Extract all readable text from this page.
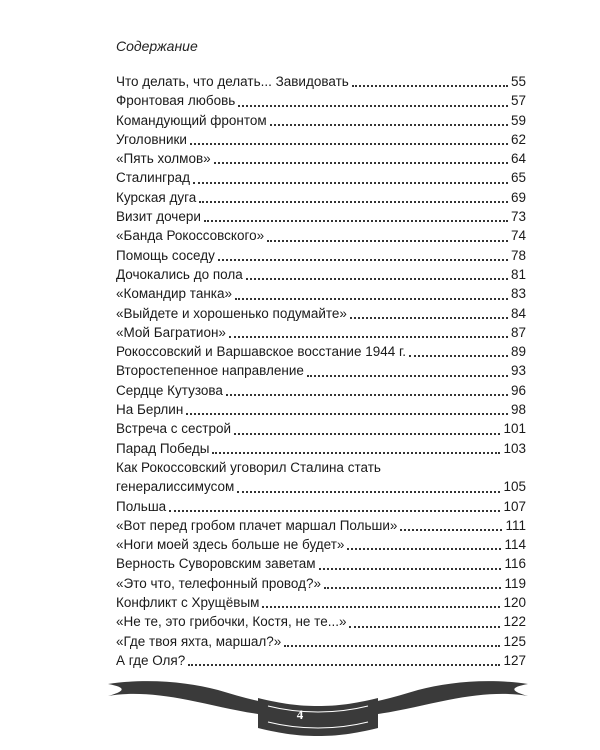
Содержание
Что делать, что делать... Завидовать	55
Фронтовая любовь	57
Командующий фронтом	59
Уголовники	62
«Пять холмов»	64
Сталинград	65
Курская дуга	69
Визит дочери	73
«Банда Рокоссовского»	74
Помощь соседу	78
Дочокались до пола	81
«Командир танка»	83
«Выйдете и хорошенько подумайте»	84
«Мой Багратион»	87
Рокоссовский и Варшавское восстание 1944 г.	89
Второстепенное направление	93
Сердце Кутузова	96
На Берлин	98
Встреча с сестрой	101
Парад Победы	103
Как Рокоссовский уговорил Сталина стать
генералиссимусом	105
Польша	107
«Вот перед гробом плачет маршал Польши»	111
«Ноги моей здесь больше не будет»	114
Верность Суворовским заветам	116
«Это что, телефонный провод?»	119
Конфликт с Хрущёвым	120
«Не те, это грибочки, Костя, не те...»	122
«Где твоя яхта, маршал?»	125
А где Оля?	127
4
